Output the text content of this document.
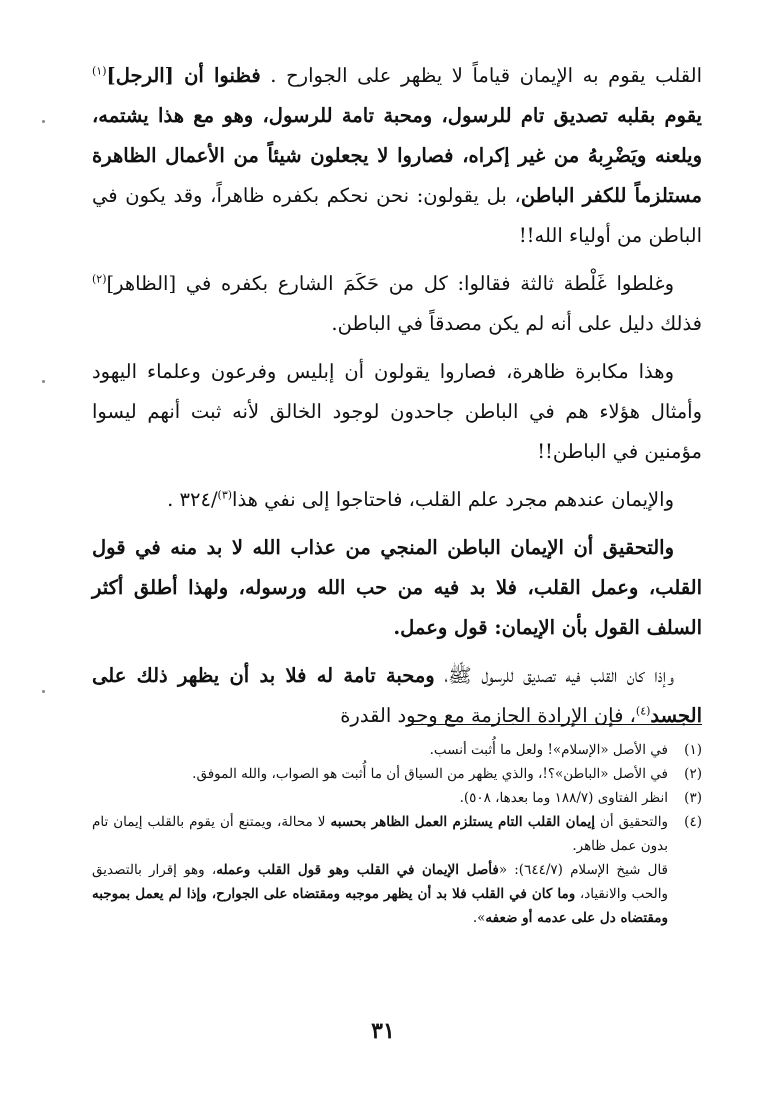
القلب يقوم به الإيمان قياماً لا يظهر على الجوارح . فظنوا أن [الرجل]$^{(١)}$ يقوم بقلبه تصديق تام للرسول، ومحبة تامة للرسول، وهو مع هذا يشتمه، ويلعنه ويَضْرِبهُ من غير إكراه، فصاروا لا يجعلون شيئاً من الأعمال الظاهرة مستلزماً للكفر الباطن، بل يقولون: نحن نحكم بكفره ظاهراً، وقد يكون في الباطن من أولياء الله!!

وغلطوا غَلْطة ثالثة فقالوا: كل من حَكَمَ الشارع بكفره في [الظاهر]$^{(٢)}$ فذلك دليل على أنه لم يكن مصدقاً في الباطن.

وهذا مكابرة ظاهرة، فصاروا يقولون أن إبليس وفرعون وعلماء اليهود وأمثال هؤلاء هم في الباطن جاحدون لوجود الخالق لأنه ثبت أنهم ليسوا مؤمنين في الباطن!!

والإيمان عندهم مجرد علم القلب، فاحتاجوا إلى نفي هذا$^{(٣)}$/٣٢٤ .

والتحقيق أن الإيمان الباطن المنجي من عذاب الله لا بد منه في قول القلب، وعمل القلب، فلا بد فيه من حب الله ورسوله، ولهذا أطلق أكثر السلف القول بأن الإيمان: قول وعمل.

وإذا كان القلب فيه تصديق للرسول ﷺ، ومحبة تامة له فلا بد أن يظهر ذلك على الجسد$^{(٤)}$، فإن الإرادة الجازمة مع وجود القدرة

(١)
في الأصل «الإسلام»! ولعل ما أُثبت أنسب.
(٢)
في الأصل «الباطن»؟!، والذي يظهر من السياق أن ما أُثبت هو الصواب، والله الموفق.
(٣)
انظر الفتاوى (١٨٨/٧ وما بعدها، ٥٠٨).
(٤)

والتحقيق أن إيمان القلب التام يستلزم العمل الظاهر بحسبه لا محالة، ويمتنع أن يقوم بالقلب إيمان تام بدون عمل ظاهر.

قال شيخ الإسلام (٦٤٤/٧): «فأصل الإيمان في القلب وهو قول القلب وعمله، وهو إقرار بالتصديق والحب والانقياد، وما كان في القلب فلا بد أن يظهر موجبه ومقتضاه على الجوارح، وإذا لم يعمل بموجبه ومقتضاه دل على عدمه أو ضعفه».

٣١
